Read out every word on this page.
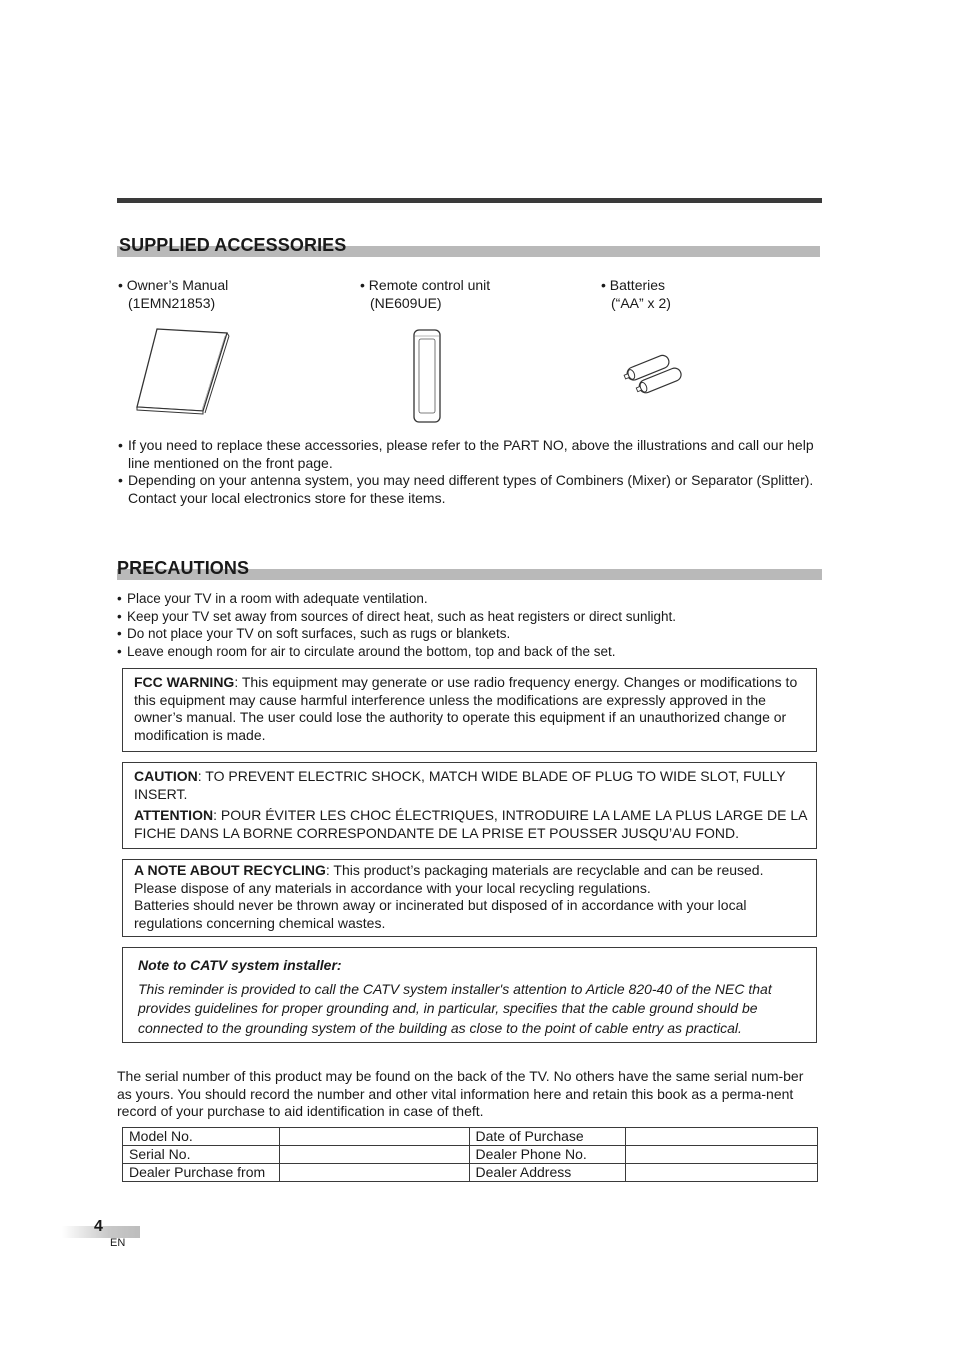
SUPPLIED ACCESSORIES
• Owner’s Manual
(1EMN21853)
• Remote control unit
(NE609UE)
• Batteries
(“AA” x 2)
• If you need to replace these accessories, please refer to the PART NO, above the illustrations and call our help line mentioned on the front page.
• Depending on your antenna system, you may need different types of Combiners (Mixer) or Separator (Splitter). Contact your local electronics store for these items.
PRECAUTIONS
• Place your TV in a room with adequate ventilation.
• Keep your TV set away from sources of direct heat, such as heat registers or direct sunlight.
• Do not place your TV on soft surfaces, such as rugs or blankets.
• Leave enough room for air to circulate around the bottom, top and back of the set.

FCC WARNING: This equipment may generate or use radio frequency energy. Changes or modifications to this equipment may cause harmful interference unless the modifications are expressly approved in the owner’s manual. The user could lose the authority to operate this equipment if an unauthorized change or modification is made.

CAUTION: TO PREVENT ELECTRIC SHOCK, MATCH WIDE BLADE OF PLUG TO WIDE SLOT, FULLY INSERT.

ATTENTION: POUR ÉVITER LES CHOC ÉLECTRIQUES, INTRODUIRE LA LAME LA PLUS LARGE DE LA FICHE DANS LA BORNE CORRESPONDANTE DE LA PRISE ET POUSSER JUSQU’AU FOND.

A NOTE ABOUT RECYCLING: This product’s packaging materials are recyclable and can be reused. Please dispose of any materials in accordance with your local recycling regulations.

Batteries should never be thrown away or incinerated but disposed of in accordance with your local regulations concerning chemical wastes.

Note to CATV system installer:

This reminder is provided to call the CATV system installer's attention to Article 820-40 of the NEC that provides guidelines for proper grounding and, in particular, specifies that the cable ground should be connected to the grounding system of the building as close to the point of cable entry as practical.

The serial number of this product may be found on the back of the TV. No others have the same serial num-ber as yours. You should record the number and other vital information here and retain this book as a perma-nent record of your purchase to aid identification in case of theft.

Model No.		Date of Purchase	
Serial No.		Dealer Phone No.	
Dealer Purchase from		Dealer Address	
4
EN
